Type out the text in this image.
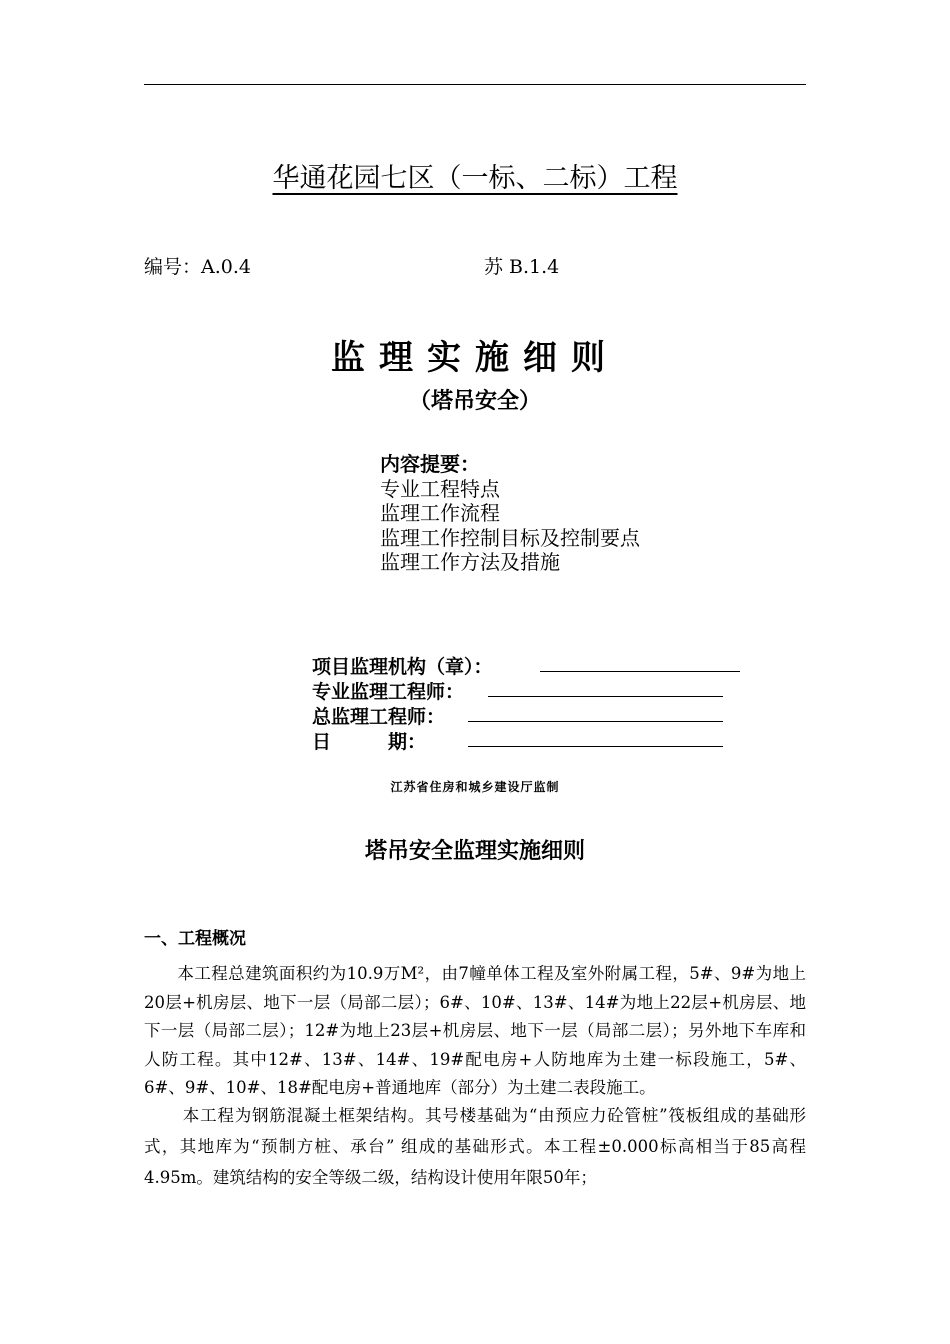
华通花园七区（一标、二标）工程
编号：A.0.4	苏 B.1.4
监理实施细则
（塔吊安全）
内容提要：
专业工程特点
监理工作流程
监理工作控制目标及控制要点
监理工作方法及措施
项目监理机构（章）：
专业监理工程师：
总监理工程师：
日　　　期：
江苏省住房和城乡建设厅监制
塔吊安全监理实施细则
一、工程概况
本工程总建筑面积约为10.9万M²，由7幢单体工程及室外附属工程，5#、9#为地上20层+机房层、地下一层（局部二层）；6#、10#、13#、14#为地上22层+机房层、地下一层（局部二层）；12#为地上23层+机房层、地下一层（局部二层）；另外地下车库和人防工程。其中12#、13#、14#、19#配电房+人防地库为土建一标段施工，5#、6#、9#、10#、18#配电房+普通地库（部分）为土建二表段施工。
本工程为钢筋混凝土框架结构。其号楼基础为“由预应力砼管桩”筏板组成的基础形式，其地库为“预制方桩、承台” 组成的基础形式。本工程±0.000标高相当于85高程4.95m。建筑结构的安全等级二级，结构设计使用年限50年；
